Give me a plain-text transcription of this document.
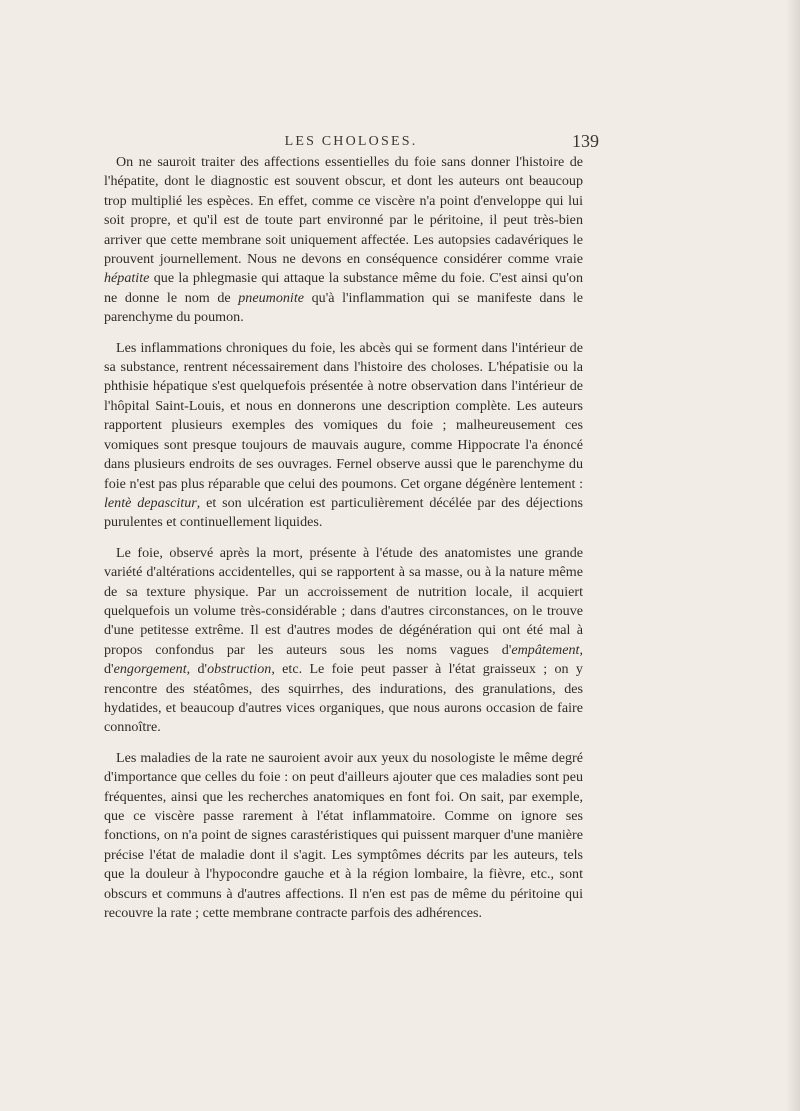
LES CHOLOSES.	139

On ne sauroit traiter des affections essentielles du foie sans donner l'histoire de l'hépatite, dont le diagnostic est souvent obscur, et dont les auteurs ont beaucoup trop multiplié les espèces. En effet, comme ce viscère n'a point d'enveloppe qui lui soit propre, et qu'il est de toute part environné par le péritoine, il peut très-bien arriver que cette membrane soit uniquement affectée. Les autopsies cadavériques le prouvent journellement. Nous ne devons en conséquence considérer comme vraie hépatite que la phlegmasie qui attaque la substance même du foie. C'est ainsi qu'on ne donne le nom de pneumonite qu'à l'inflammation qui se manifeste dans le parenchyme du poumon.

Les inflammations chroniques du foie, les abcès qui se forment dans l'intérieur de sa substance, rentrent nécessairement dans l'histoire des choloses. L'hépatisie ou la phthisie hépatique s'est quelquefois présentée à notre observation dans l'intérieur de l'hôpital Saint-Louis, et nous en donnerons une description complète. Les auteurs rapportent plusieurs exemples des vomiques du foie ; malheureusement ces vomiques sont presque toujours de mauvais augure, comme Hippocrate l'a énoncé dans plusieurs endroits de ses ouvrages. Fernel observe aussi que le parenchyme du foie n'est pas plus réparable que celui des poumons. Cet organe dégénère lentement : lentè depascitur, et son ulcération est particulièrement décélée par des déjections purulentes et continuellement liquides.

Le foie, observé après la mort, présente à l'étude des anatomistes une grande variété d'altérations accidentelles, qui se rapportent à sa masse, ou à la nature même de sa texture physique. Par un accroissement de nutrition locale, il acquiert quelquefois un volume très-considérable ; dans d'autres circonstances, on le trouve d'une petitesse extrême. Il est d'autres modes de dégénération qui ont été mal à propos confondus par les auteurs sous les noms vagues d'empâtement, d'engorgement, d'obstruction, etc. Le foie peut passer à l'état graisseux ; on y rencontre des stéatômes, des squirrhes, des indurations, des granulations, des hydatides, et beaucoup d'autres vices organiques, que nous aurons occasion de faire connoître.

Les maladies de la rate ne sauroient avoir aux yeux du nosologiste le même degré d'importance que celles du foie : on peut d'ailleurs ajouter que ces maladies sont peu fréquentes, ainsi que les recherches anatomiques en font foi. On sait, par exemple, que ce viscère passe rarement à l'état inflammatoire. Comme on ignore ses fonctions, on n'a point de signes carastéristiques qui puissent marquer d'une manière précise l'état de maladie dont il s'agit. Les symptômes décrits par les auteurs, tels que la douleur à l'hypocondre gauche et à la région lombaire, la fièvre, etc., sont obscurs et communs à d'autres affections. Il n'en est pas de même du péritoine qui recouvre la rate ; cette membrane contracte parfois des adhérences.
